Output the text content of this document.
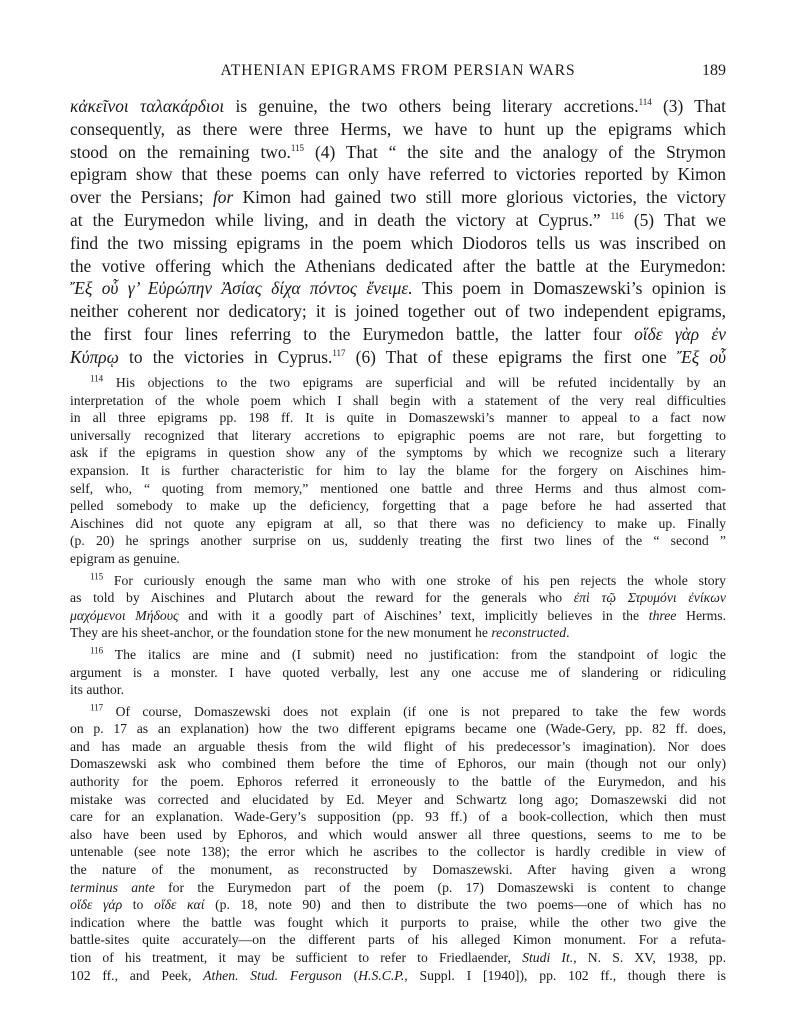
ATHENIAN EPIGRAMS FROM PERSIAN WARS	189
κἀκεῖνοι ταλακάρδιοι is genuine, the two others being literary accretions.$^{114}$ (3) That
consequently, as there were three Herms, we have to hunt up the epigrams which
stood on the remaining two.$^{115}$ (4) That “ the site and the analogy of the Strymon
epigram show that these poems can only have referred to victories reported by Kimon
over the Persians; for Kimon had gained two still more glorious victories, the victory
at the Eurymedon while living, and in death the victory at Cyprus.” $^{116}$ (5) That we
find the two missing epigrams in the poem which Diodoros tells us was inscribed on
the votive offering which the Athenians dedicated after the battle at the Eurymedon:
Ἔξ οὗ γ’ Εὐρώπην Ἀσίας δίχα πόντος ἔνειμε. This poem in Domaszewski’s opinion is
neither coherent nor dedicatory; it is joined together out of two independent epigrams,
the first four lines referring to the Eurymedon battle, the latter four οἵδε γὰρ ἐν
Κύπρῳ to the victories in Cyprus.$^{117}$ (6) That of these epigrams the first one Ἔξ οὗ
$^{114}$ His objections to the two epigrams are superficial and will be refuted incidentally by an
interpretation of the whole poem which I shall begin with a statement of the very real difficulties
in all three epigrams pp. 198 ff. It is quite in Domaszewski’s manner to appeal to a fact now
universally recognized that literary accretions to epigraphic poems are not rare, but forgetting to
ask if the epigrams in question show any of the symptoms by which we recognize such a literary
expansion. It is further characteristic for him to lay the blame for the forgery on Aischines him-
self, who, “ quoting from memory,” mentioned one battle and three Herms and thus almost com-
pelled somebody to make up the deficiency, forgetting that a page before he had asserted that
Aischines did not quote any epigram at all, so that there was no deficiency to make up. Finally
(p. 20) he springs another surprise on us, suddenly treating the first two lines of the “ second ”
epigram as genuine.
$^{115}$ For curiously enough the same man who with one stroke of his pen rejects the whole story
as told by Aischines and Plutarch about the reward for the generals who ἐπὶ τῷ Στρυμόνι ἐνίκων
μαχόμενοι Μήδους and with it a goodly part of Aischines’ text, implicitly believes in the three Herms.
They are his sheet-anchor, or the foundation stone for the new monument he reconstructed.
$^{116}$ The italics are mine and (I submit) need no justification: from the standpoint of logic the
argument is a monster. I have quoted verbally, lest any one accuse me of slandering or ridiculing
its author.
$^{117}$ Of course, Domaszewski does not explain (if one is not prepared to take the few words
on p. 17 as an explanation) how the two different epigrams became one (Wade-Gery, pp. 82 ff. does,
and has made an arguable thesis from the wild flight of his predecessor’s imagination). Nor does
Domaszewski ask who combined them before the time of Ephoros, our main (though not our only)
authority for the poem. Ephoros referred it erroneously to the battle of the Eurymedon, and his
mistake was corrected and elucidated by Ed. Meyer and Schwartz long ago; Domaszewski did not
care for an explanation. Wade-Gery’s supposition (pp. 93 ff.) of a book-collection, which then must
also have been used by Ephoros, and which would answer all three questions, seems to me to be
untenable (see note 138); the error which he ascribes to the collector is hardly credible in view of
the nature of the monument, as reconstructed by Domaszewski. After having given a wrong
terminus ante for the Eurymedon part of the poem (p. 17) Domaszewski is content to change
οἵδε γάρ to οἵδε καί (p. 18, note 90) and then to distribute the two poems—one of which has no
indication where the battle was fought which it purports to praise, while the other two give the
battle-sites quite accurately—on the different parts of his alleged Kimon monument. For a refuta-
tion of his treatment, it may be sufficient to refer to Friedlaender, Studi It., N. S. XV, 1938, pp.
102 ff., and Peek, Athen. Stud. Ferguson (H.S.C.P., Suppl. I [1940]), pp. 102 ff., though there is
